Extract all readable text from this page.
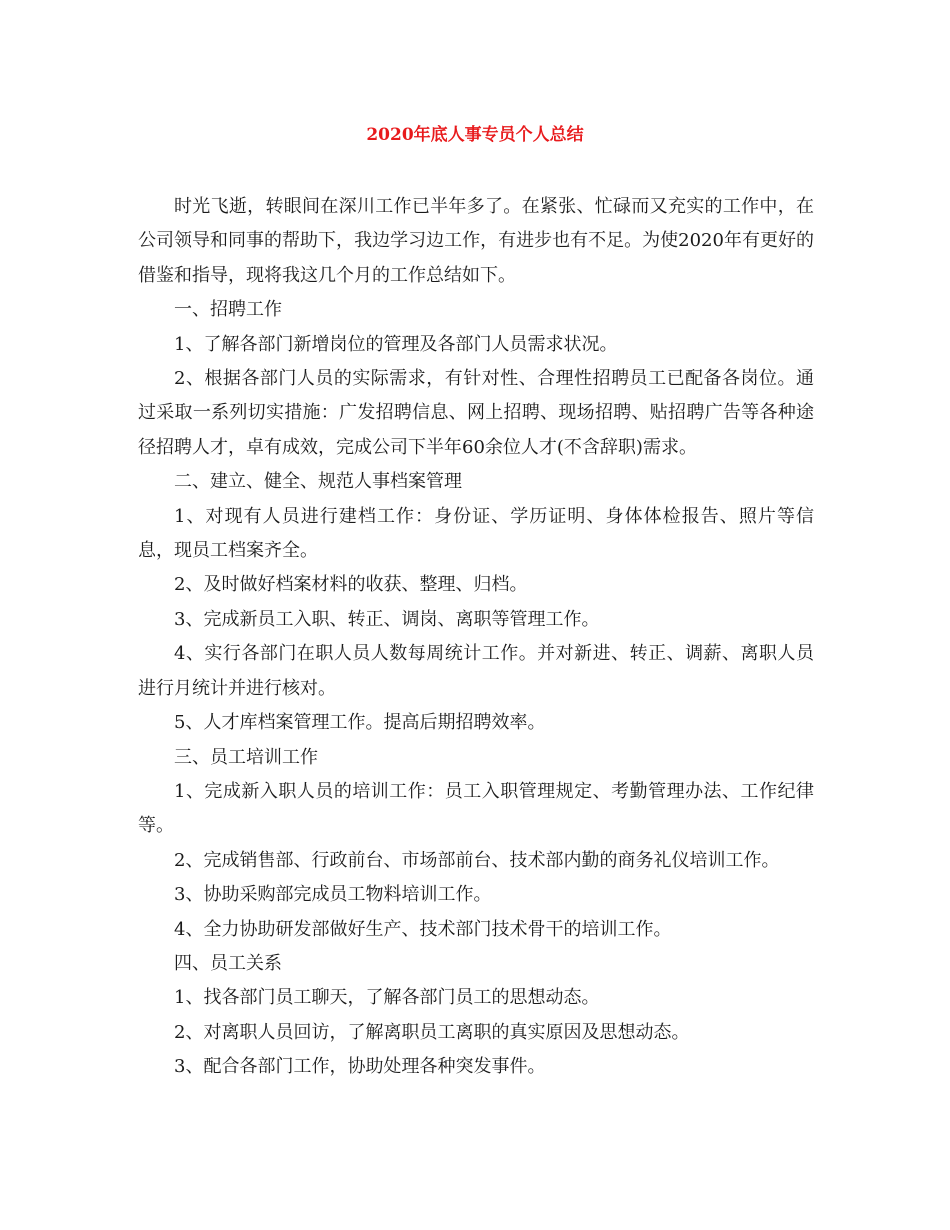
2020年底人事专员个人总结

时光飞逝，转眼间在深川工作已半年多了。在紧张、忙碌而又充实的工作中，在公司领导和同事的帮助下，我边学习边工作，有进步也有不足。为使2020年有更好的借鉴和指导，现将我这几个月的工作总结如下。

一、招聘工作

1、了解各部门新增岗位的管理及各部门人员需求状况。

2、根据各部门人员的实际需求，有针对性、合理性招聘员工已配备各岗位。通过采取一系列切实措施：广发招聘信息、网上招聘、现场招聘、贴招聘广告等各种途径招聘人才，卓有成效，完成公司下半年60余位人才(不含辞职)需求。

二、建立、健全、规范人事档案管理

1、对现有人员进行建档工作：身份证、学历证明、身体体检报告、照片等信息，现员工档案齐全。

2、及时做好档案材料的收获、整理、归档。

3、完成新员工入职、转正、调岗、离职等管理工作。

4、实行各部门在职人员人数每周统计工作。并对新进、转正、调薪、离职人员进行月统计并进行核对。

5、人才库档案管理工作。提高后期招聘效率。

三、员工培训工作

1、完成新入职人员的培训工作：员工入职管理规定、考勤管理办法、工作纪律等。

2、完成销售部、行政前台、市场部前台、技术部内勤的商务礼仪培训工作。

3、协助采购部完成员工物料培训工作。

4、全力协助研发部做好生产、技术部门技术骨干的培训工作。

四、员工关系

1、找各部门员工聊天，了解各部门员工的思想动态。

2、对离职人员回访，了解离职员工离职的真实原因及思想动态。

3、配合各部门工作，协助处理各种突发事件。
